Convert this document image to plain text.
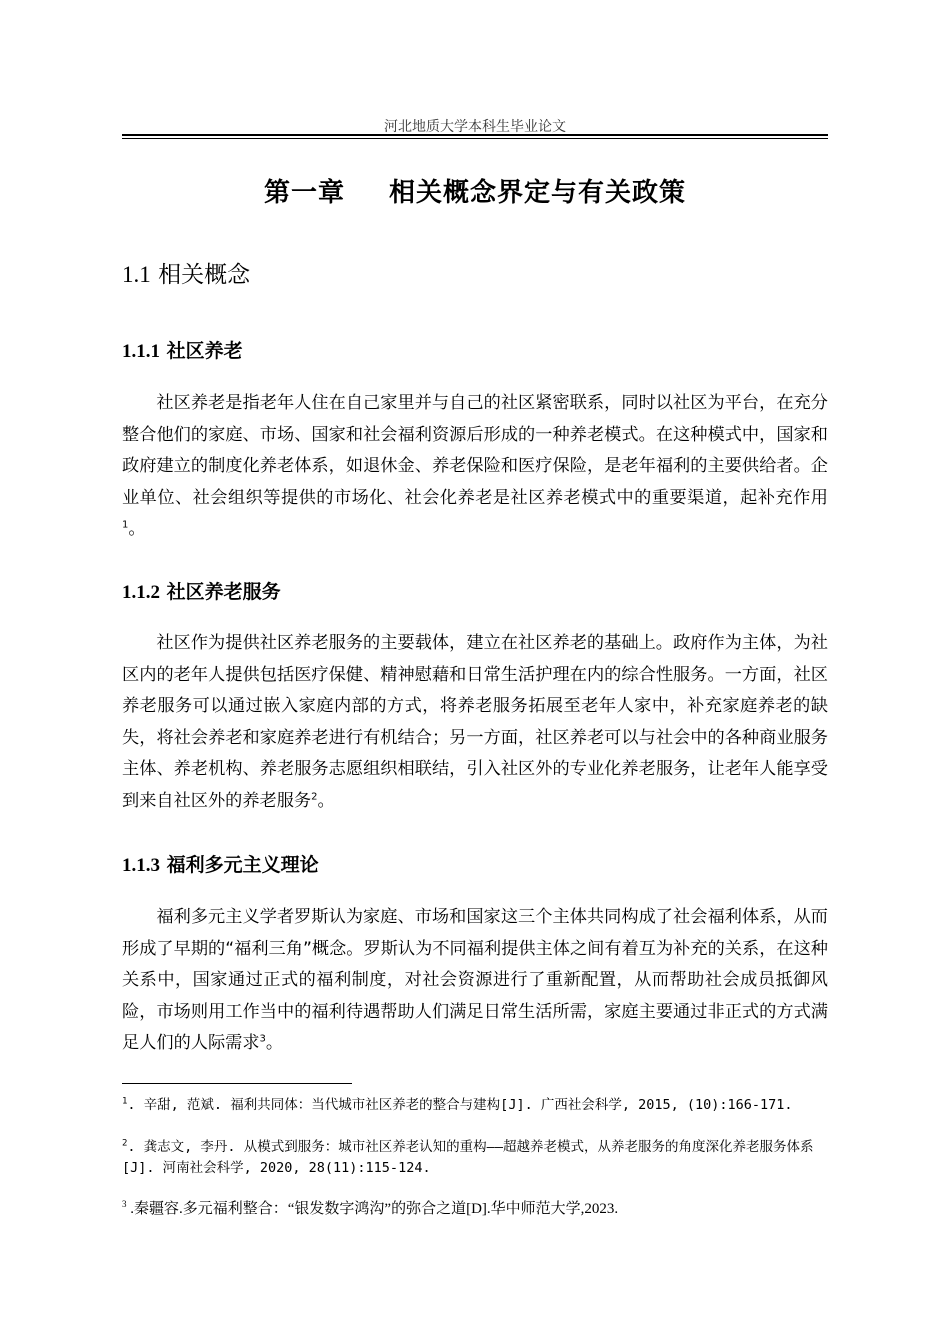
河北地质大学本科生毕业论文
第一章 相关概念界定与有关政策
1.1 相关概念
1.1.1 社区养老
社区养老是指老年人住在自己家里并与自己的社区紧密联系，同时以社区为平台，在充分整合他们的家庭、市场、国家和社会福利资源后形成的一种养老模式。在这种模式中，国家和政府建立的制度化养老体系，如退休金、养老保险和医疗保险，是老年福利的主要供给者。企业单位、社会组织等提供的市场化、社会化养老是社区养老模式中的重要渠道，起补充作用$^1$。
1.1.2 社区养老服务
社区作为提供社区养老服务的主要载体，建立在社区养老的基础上。政府作为主体，为社区内的老年人提供包括医疗保健、精神慰藉和日常生活护理在内的综合性服务。一方面，社区养老服务可以通过嵌入家庭内部的方式，将养老服务拓展至老年人家中，补充家庭养老的缺失，将社会养老和家庭养老进行有机结合；另一方面，社区养老可以与社会中的各种商业服务主体、养老机构、养老服务志愿组织相联结，引入社区外的专业化养老服务，让老年人能享受到来自社区外的养老服务$^2$。
1.1.3 福利多元主义理论
福利多元主义学者罗斯认为家庭、市场和国家这三个主体共同构成了社会福利体系，从而形成了早期的“福利三角”概念。罗斯认为不同福利提供主体之间有着互为补充的关系，在这种关系中，国家通过正式的福利制度，对社会资源进行了重新配置，从而帮助社会成员抵御风险，市场则用工作当中的福利待遇帮助人们满足日常生活所需，家庭主要通过非正式的方式满足人们的人际需求$^3$。
$^1$. 辛甜, 范斌. 福利共同体：当代城市社区养老的整合与建构[J]. 广西社会科学, 2015, (10):166-171.
$^2$. 龚志文, 李丹. 从模式到服务：城市社区养老认知的重构——超越养老模式，从养老服务的角度深化养老服务体系[J]. 河南社会科学, 2020, 28(11):115-124.
$^3$ .秦疆容.多元福利整合：“银发数字鸿沟”的弥合之道[D].华中师范大学,2023.
